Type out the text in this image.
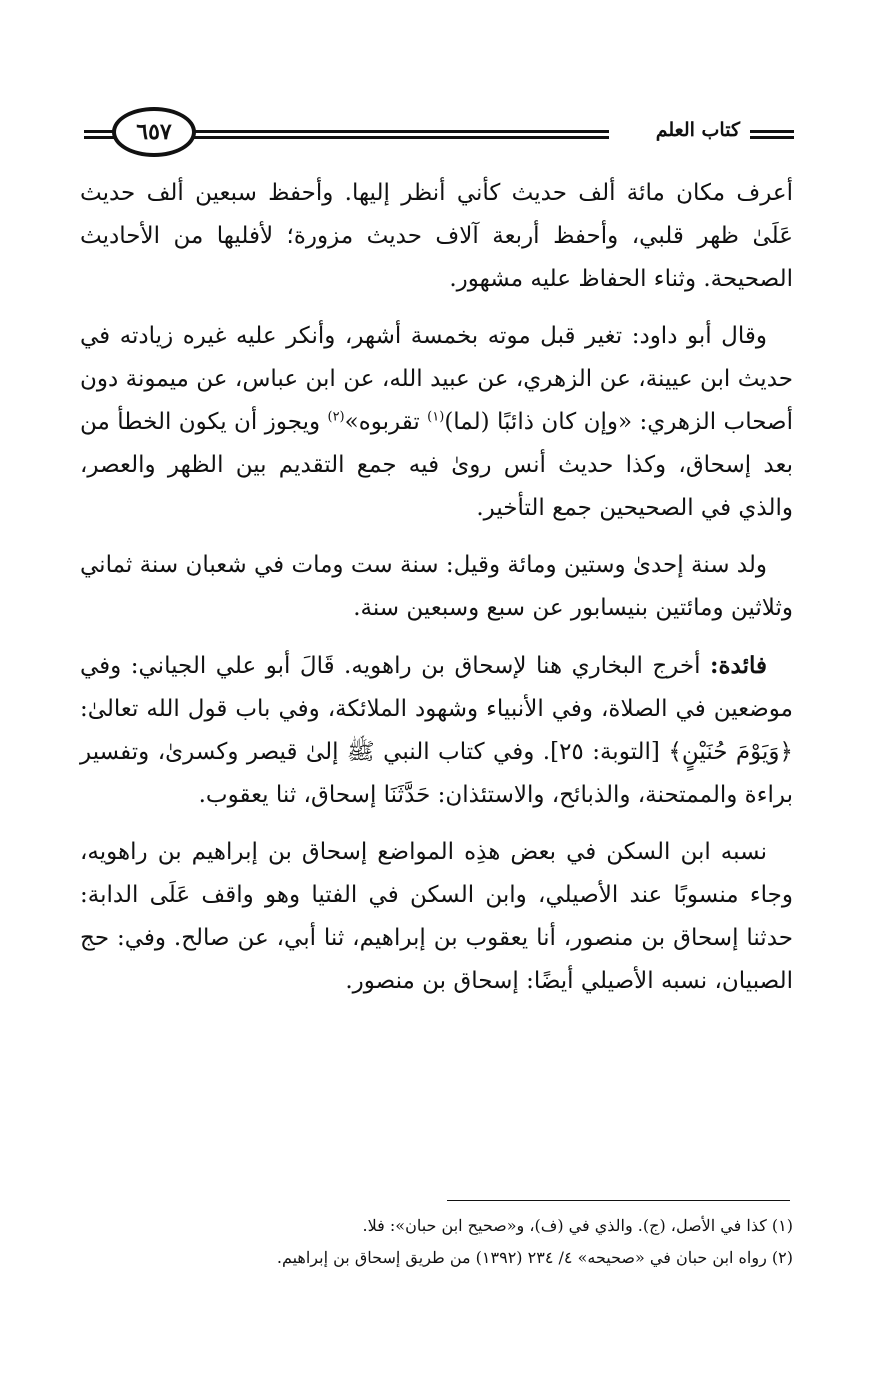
كتاب العلم
٦٥٧

أعرف مكان مائة ألف حديث كأني أنظر إليها. وأحفظ سبعين ألف حديث عَلَىٰ ظهر قلبي، وأحفظ أربعة آلاف حديث مزورة؛ لأفليها من الأحاديث الصحيحة. وثناء الحفاظ عليه مشهور.

وقال أبو داود: تغير قبل موته بخمسة أشهر، وأنكر عليه غيره زيادته في حديث ابن عيينة، عن الزهري، عن عبيد الله، عن ابن عباس، عن ميمونة دون أصحاب الزهري: «وإن كان ذائبًا (لما)$^{(١)}$ تقربوه»$^{(٢)}$ ويجوز أن يكون الخطأ من بعد إسحاق، وكذا حديث أنس روىٰ فيه جمع التقديم بين الظهر والعصر، والذي في الصحيحين جمع التأخير.

ولد سنة إحدىٰ وستين ومائة وقيل: سنة ست ومات في شعبان سنة ثماني وثلاثين ومائتين بنيسابور عن سبع وسبعين سنة.

فائدة: أخرج البخاري هنا لإسحاق بن راهويه. قَالَ أبو علي الجياني: وفي موضعين في الصلاة، وفي الأنبياء وشهود الملائكة، وفي باب قول الله تعالىٰ: ﴿وَيَوْمَ حُنَيْنٍ﴾ [التوبة: ٢٥]. وفي كتاب النبي ﷺ إلىٰ قيصر وكسرىٰ، وتفسير براءة والممتحنة، والذبائح، والاستئذان: حَدَّثَنَا إسحاق، ثنا يعقوب.

نسبه ابن السكن في بعض هذِه المواضع إسحاق بن إبراهيم بن راهويه، وجاء منسوبًا عند الأصيلي، وابن السكن في الفتيا وهو واقف عَلَى الدابة: حدثنا إسحاق بن منصور، أنا يعقوب بن إبراهيم، ثنا أبي، عن صالح. وفي: حج الصبيان، نسبه الأصيلي أيضًا: إسحاق بن منصور.

(١) كذا في الأصل، (ج). والذي في (ف)، و«صحيح ابن حبان»: فلا.
(٢) رواه ابن حبان في «صحيحه» ٤/ ٢٣٤ (١٣٩٢) من طريق إسحاق بن إبراهيم.
